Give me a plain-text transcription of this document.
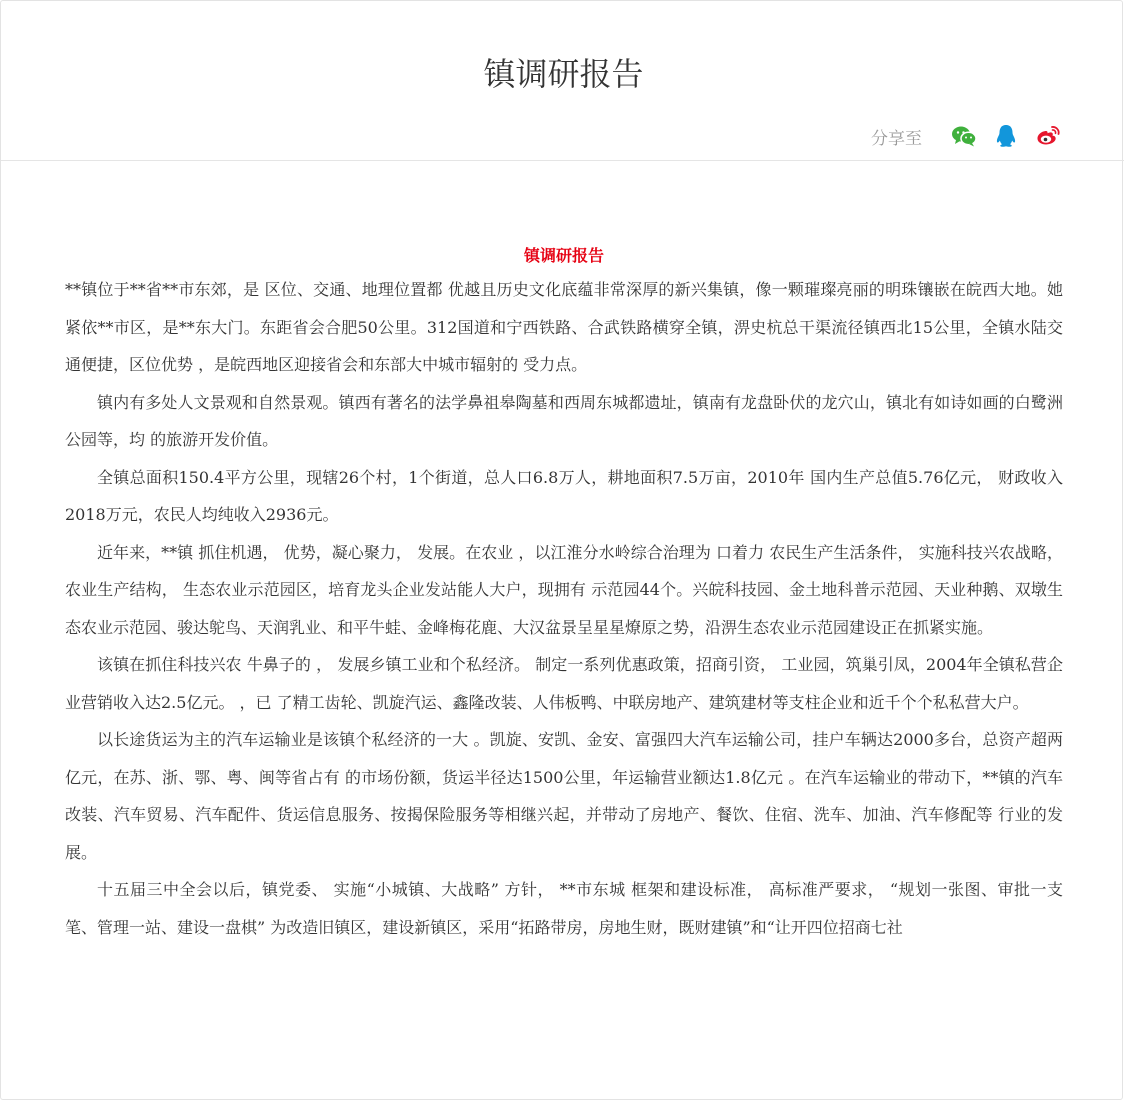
镇调研报告
分享至
镇调研报告

**镇位于**省**市东郊，是 区位、交通、地理位置都 优越且历史文化底蕴非常深厚的新兴集镇，像一颗璀璨亮丽的明珠镶嵌在皖西大地。她紧依**市区，是**东大门。东距省会合肥50公里。312国道和宁西铁路、合武铁路横穿全镇，淠史杭总干渠流径镇西北15公里，全镇水陆交通便捷，区位优势 ，是皖西地区迎接省会和东部大中城市辐射的 受力点。

镇内有多处人文景观和自然景观。镇西有著名的法学鼻祖皋陶墓和西周东城都遗址，镇南有龙盘卧伏的龙穴山，镇北有如诗如画的白鹭洲公园等，均 的旅游开发价值。

全镇总面积150.4平方公里，现辖26个村，1个街道，总人口6.8万人，耕地面积7.5万亩，2010年 国内生产总值5.76亿元， 财政收入2018万元，农民人均纯收入2936元。

近年来，**镇 抓住机遇， 优势，凝心聚力， 发展。在农业 ，以江淮分水岭综合治理为 口着力 农民生产生活条件， 实施科技兴农战略， 农业生产结构， 生态农业示范园区，培育龙头企业发站能人大户，现拥有 示范园44个。兴皖科技园、金土地科普示范园、天业种鹅、双墩生态农业示范园、骏达鸵鸟、天润乳业、和平牛蛙、金峰梅花鹿、大汉盆景呈星星燎原之势，沿淠生态农业示范园建设正在抓紧实施。

该镇在抓住科技兴农 牛鼻子的 ， 发展乡镇工业和个私经济。 制定一系列优惠政策，招商引资， 工业园，筑巢引凤，2004年全镇私营企业营销收入达2.5亿元。 ，已 了精工齿轮、凯旋汽运、鑫隆改装、人伟板鸭、中联房地产、建筑建材等支柱企业和近千个个私私营大户。

以长途货运为主的汽车运输业是该镇个私经济的一大 。凯旋、安凯、金安、富强四大汽车运输公司，挂户车辆达2000多台，总资产超两亿元，在苏、浙、鄂、粤、闽等省占有 的市场份额，货运半径达1500公里，年运输营业额达1.8亿元 。在汽车运输业的带动下，**镇的汽车改装、汽车贸易、汽车配件、货运信息服务、按揭保险服务等相继兴起，并带动了房地产、餐饮、住宿、洗车、加油、汽车修配等 行业的发展。

十五届三中全会以后，镇党委、 实施“小城镇、大战略” 方针， **市东城 框架和建设标准， 高标准严要求， “规划一张图、审批一支笔、管理一站、建设一盘棋” 为改造旧镇区，建设新镇区，采用“拓路带房，房地生财，既财建镇”和“让开四位招商七社
